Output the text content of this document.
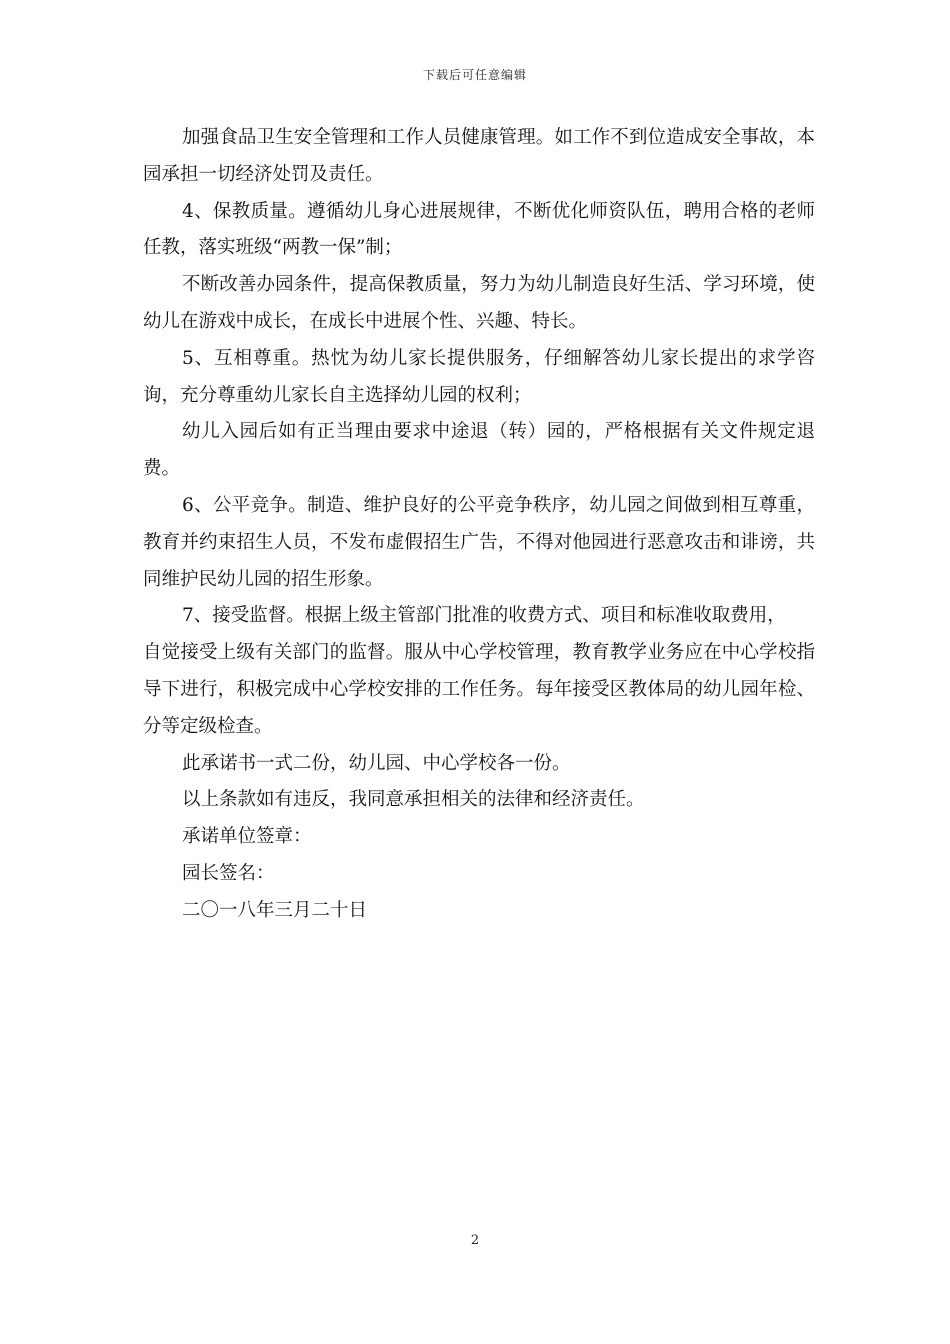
下载后可任意编辑

加强食品卫生安全管理和工作人员健康管理。如工作不到位造成安全事故，本园承担一切经济处罚及责任。

4、保教质量。遵循幼儿身心进展规律，不断优化师资队伍，聘用合格的老师任教，落实班级“两教一保”制；

不断改善办园条件，提高保教质量，努力为幼儿制造良好生活、学习环境，使幼儿在游戏中成长，在成长中进展个性、兴趣、特长。

5、互相尊重。热忱为幼儿家长提供服务，仔细解答幼儿家长提出的求学咨询，充分尊重幼儿家长自主选择幼儿园的权利；

幼儿入园后如有正当理由要求中途退（转）园的，严格根据有关文件规定退费。

6、公平竞争。制造、维护良好的公平竞争秩序，幼儿园之间做到相互尊重，教育并约束招生人员，不发布虚假招生广告，不得对他园进行恶意攻击和诽谤，共同维护民幼儿园的招生形象。

7、接受监督。根据上级主管部门批准的收费方式、项目和标准收取费用，

自觉接受上级有关部门的监督。服从中心学校管理，教育教学业务应在中心学校指导下进行，积极完成中心学校安排的工作任务。每年接受区教体局的幼儿园年检、分等定级检查。

此承诺书一式二份，幼儿园、中心学校各一份。

以上条款如有违反，我同意承担相关的法律和经济责任。

承诺单位签章：

园长签名：

二〇一八年三月二十日

2
